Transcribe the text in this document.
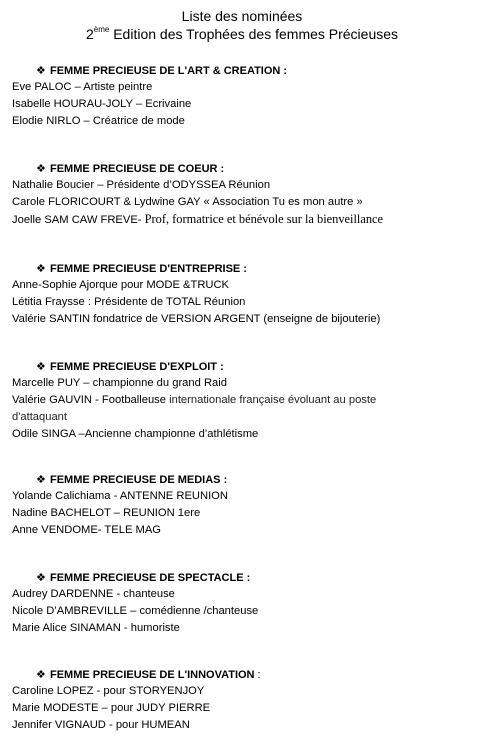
Liste des nominées
2ème Edition des Trophées des femmes Précieuses
❖ FEMME PRECIEUSE DE L'ART & CREATION :
Eve PALOC – Artiste peintre
Isabelle HOURAU-JOLY – Ecrivaine
Elodie NIRLO – Créatrice de mode
❖ FEMME PRECIEUSE DE COEUR :
Nathalie Boucier – Présidente d’ODYSSEA Réunion
Carole FLORICOURT & Lydwine GAY « Association Tu es mon autre »
Joelle SAM CAW FREVE- Prof, formatrice et bénévole sur la bienveillance
❖ FEMME PRECIEUSE D'ENTREPRISE :
Anne-Sophie Ajorque pour MODE &TRUCK
Létitia Fraysse : Présidente de TOTAL Réunion
Valérie SANTIN fondatrice de VERSION ARGENT (enseigne de bijouterie)
❖ FEMME PRECIEUSE D'EXPLOIT :
Marcelle PUY – championne du grand Raid
Valérie GAUVIN - Footballeuse internationale française évoluant au poste d'attaquant
Odile SINGA –Ancienne championne d’athlétisme
❖ FEMME PRECIEUSE DE MEDIAS :
Yolande Calichiama - ANTENNE REUNION
Nadine BACHELOT – REUNION 1ere
Anne VENDOME- TELE MAG
❖ FEMME PRECIEUSE DE SPECTACLE :
Audrey DARDENNE - chanteuse
Nicole D’AMBREVILLE – comédienne /chanteuse
Marie Alice SINAMAN - humoriste
❖ FEMME PRECIEUSE DE L'INNOVATION :
Caroline LOPEZ - pour STORYENJOY
Marie MODESTE – pour JUDY PIERRE
Jennifer VIGNAUD - pour HUMEAN
